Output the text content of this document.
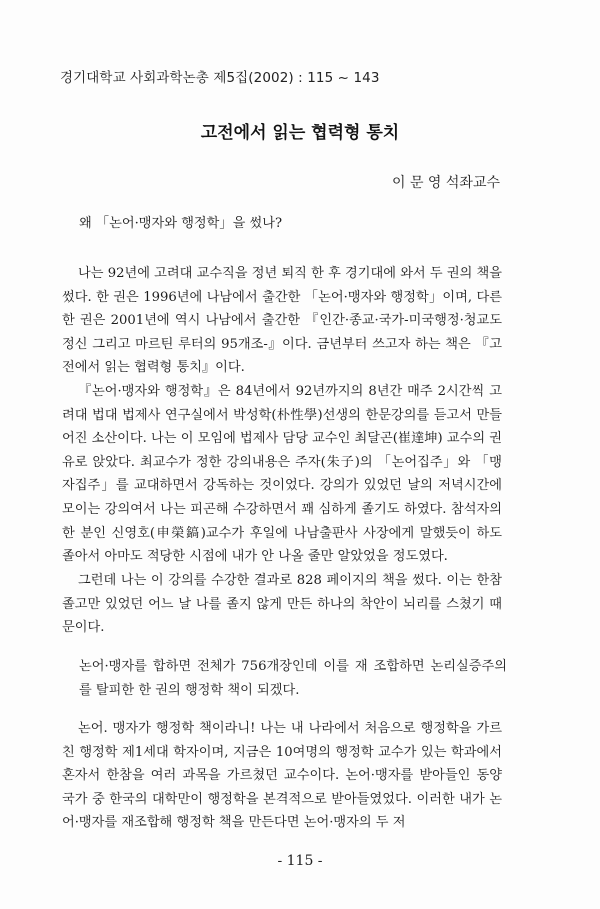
경기대학교 사회과학논총 제5집(2002) : 115 ~ 143
고전에서 읽는 협력형 통치
이 문 영 석좌교수

왜 「논어·맹자와 행정학」을 썼나?

나는 92년에 고려대 교수직을 정년 퇴직 한 후 경기대에 와서 두 권의 책을 썼다. 한 권은 1996년에 나남에서 출간한 「논어·맹자와 행정학」이며, 다른 한 권은 2001년에 역시 나남에서 출간한 『인간·종교·국가-미국행정·청교도 정신 그리고 마르틴 루터의 95개조-』이다. 금년부터 쓰고자 하는 책은 『고전에서 읽는 협력형 통치』이다.

『논어·맹자와 행정학』은 84년에서 92년까지의 8년간 매주 2시간씩 고려대 법대 법제사 연구실에서 박성학(朴性學)선생의 한문강의를 듣고서 만들어진 소산이다. 나는 이 모임에 법제사 담당 교수인 최달곤(崔達坤) 교수의 권유로 앉았다. 최교수가 정한 강의내용은 주자(朱子)의 「논어집주」와 「맹자집주」를 교대하면서 강독하는 것이었다. 강의가 있었던 날의 저녁시간에 모이는 강의여서 나는 피곤해 수강하면서 꽤 심하게 졸기도 하였다. 참석자의 한 분인 신영호(申榮鎬)교수가 후일에 나남출판사 사장에게 말했듯이 하도 졸아서 아마도 적당한 시점에 내가 안 나올 줄만 알았었을 정도였다.

그런데 나는 이 강의를 수강한 결과로 828 페이지의 책을 썼다. 이는 한참 졸고만 있었던 어느 날 나를 졸지 않게 만든 하나의 착안이 뇌리를 스쳤기 때문이다.

논어·맹자를 합하면 전체가 756개장인데 이를 재 조합하면 논리실증주의를 탈피한 한 권의 행정학 책이 되겠다.

논어. 맹자가 행정학 책이라니! 나는 내 나라에서 처음으로 행정학을 가르친 행정학 제1세대 학자이며, 지금은 10여명의 행정학 교수가 있는 학과에서 혼자서 한참을 여러 과목을 가르쳤던 교수이다. 논어·맹자를 받아들인 동양 국가 중 한국의 대학만이 행정학을 본격적으로 받아들였었다. 이러한 내가 논어·맹자를 재조합해 행정학 책을 만든다면 논어·맹자의 두 저

- 115 -
